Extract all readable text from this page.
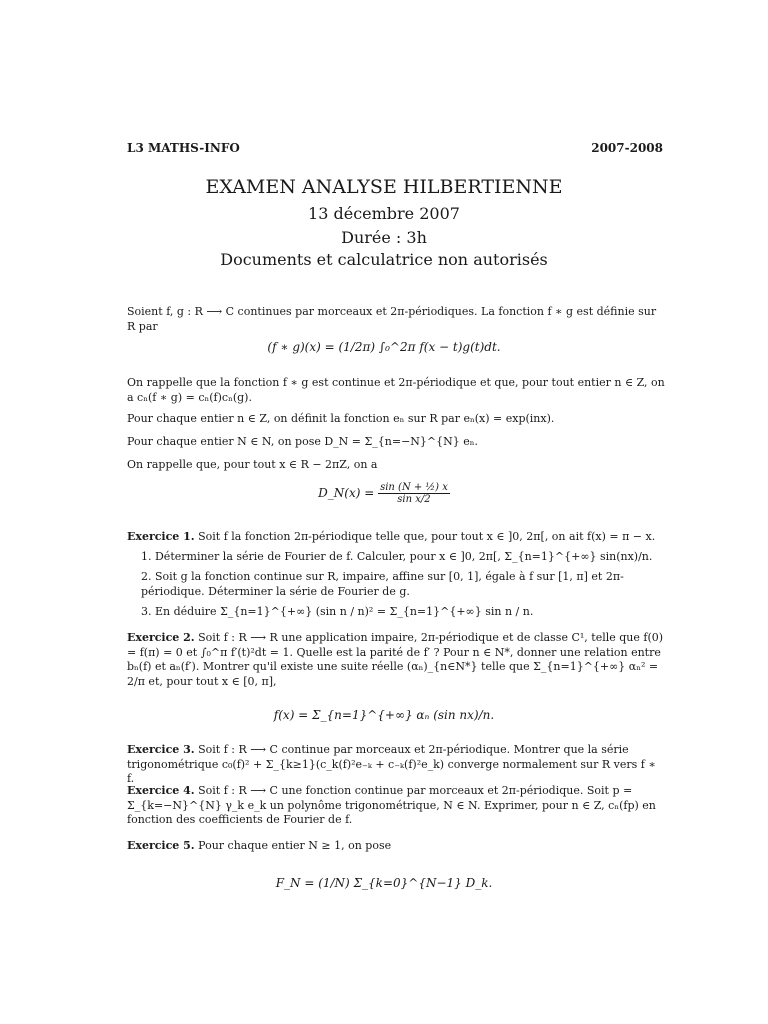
L3 MATHS-INFO	2007-2008
EXAMEN ANALYSE HILBERTIENNE
13 décembre 2007
Durée : 3h
Documents et calculatrice non autorisés
Soient f, g : R ⟶ C continues par morceaux et 2π-périodiques. La fonction f ∗ g est définie sur R par
(f ∗ g)(x) = (1/2π) ∫₀^2π f(x − t)g(t)dt.
On rappelle que la fonction f ∗ g est continue et 2π-périodique et que, pour tout entier n ∈ Z, on a cₙ(f ∗ g) = cₙ(f)cₙ(g).
Pour chaque entier n ∈ Z, on définit la fonction eₙ sur R par eₙ(x) = exp(inx).
Pour chaque entier N ∈ N, on pose D_N = Σ_{n=−N}^{N} eₙ.
On rappelle que, pour tout x ∈ R − 2πZ, on a
D_N(x) = $\frac{\text{sin (N + ½) x}}{\text{sin x/2}}$
Exercice 1. Soit f la fonction 2π-périodique telle que, pour tout x ∈ ]0, 2π[, on ait f(x) = π − x.
1. Déterminer la série de Fourier de f. Calculer, pour x ∈ ]0, 2π[, Σ_{n=1}^{+∞} sin(nx)/n.
2. Soit g la fonction continue sur R, impaire, affine sur [0, 1], égale à f sur [1, π] et 2π-périodique. Déterminer la série de Fourier de g.
3. En déduire Σ_{n=1}^{+∞} (sin n / n)² = Σ_{n=1}^{+∞} sin n / n.
Exercice 2. Soit f : R ⟶ R une application impaire, 2π-périodique et de classe C¹, telle que f(0) = f(π) = 0 et ∫₀^π f′(t)²dt = 1. Quelle est la parité de f′ ? Pour n ∈ N*, donner une relation entre bₙ(f) et aₙ(f′). Montrer qu'il existe une suite réelle (αₙ)_{n∈N*} telle que Σ_{n=1}^{+∞} αₙ² = 2/π et, pour tout x ∈ [0, π],
f(x) = Σ_{n=1}^{+∞} αₙ (sin nx)/n.
Exercice 3. Soit f : R ⟶ C continue par morceaux et 2π-périodique. Montrer que la série trigonométrique c₀(f)² + Σ_{k≥1}(c_k(f)²e₋ₖ + c₋ₖ(f)²e_k) converge normalement sur R vers f ∗ f.
Exercice 4. Soit f : R ⟶ C une fonction continue par morceaux et 2π-périodique. Soit p = Σ_{k=−N}^{N} γ_k e_k un polynôme trigonométrique, N ∈ N. Exprimer, pour n ∈ Z, cₙ(fp) en fonction des coefficients de Fourier de f.
Exercice 5. Pour chaque entier N ≥ 1, on pose
F_N = (1/N) Σ_{k=0}^{N−1} D_k.
